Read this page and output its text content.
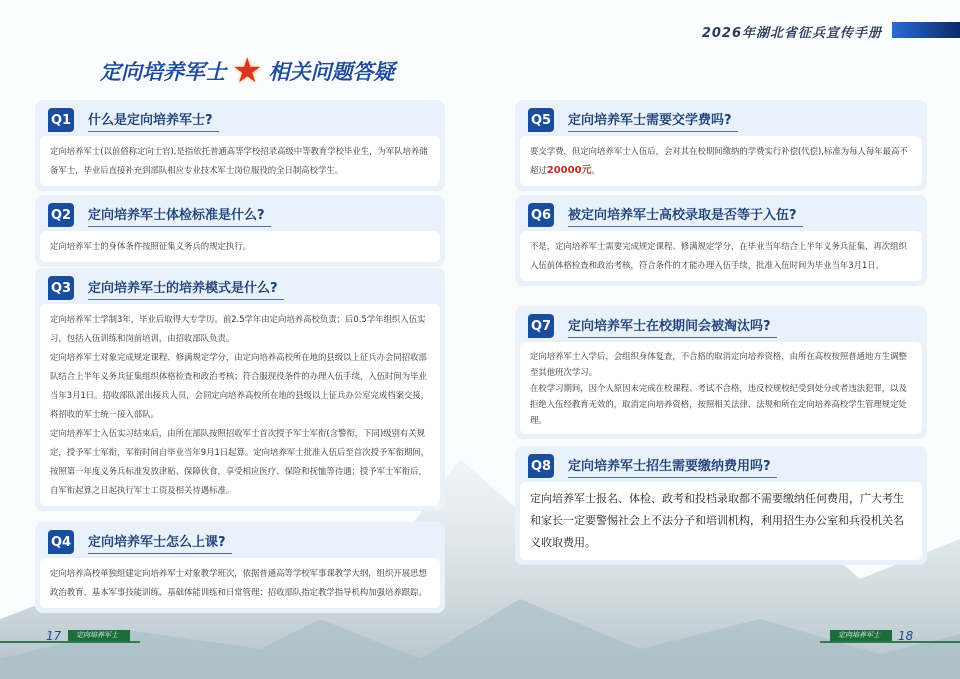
2026年湖北省征兵宣传手册
定向培养军士 ★ 相关问题答疑
Q1 什么是定向培养军士?

定向培养军士(以前俗称定向士官),是指依托普通高等学校招录高级中等教育学校毕业生，为军队培养储备军士，毕业后直接补充到部队相应专业技术军士岗位服役的全日制高校学生。

Q2 定向培养军士体检标准是什么?

定向培养军士的身体条件按照征集义务兵的规定执行。

Q3 定向培养军士的培养模式是什么?

定向培养军士学制3年，毕业后取得大专学历。前2.5学年由定向培养高校负责；后0.5学年组织入伍实习，包括入伍训练和岗前培训，由招收部队负责。

定向培养军士对象完成规定课程、修满规定学分，由定向培养高校所在地的县级以上征兵办会同招收部队结合上半年义务兵征集组织体格检查和政治考核；符合服现役条件的办理入伍手续，入伍时间为毕业当年3月1日。招收部队派出接兵人员，会同定向培养高校所在地的县级以上征兵办公室完成档案交接，将招收的军士统一接入部队。

定向培养军士入伍实习结束后，由所在部队按照招收军士首次授予军士军衔(含警衔，下同)级别有关规定，授予军士军衔，军衔时间自毕业当年9月1日起算。定向培养军士批准入伍后至首次授予军衔期间，按照第一年度义务兵标准发放津贴、保障伙食，享受相应医疗、保险和抚恤等待遇；授予军士军衔后，自军衔起算之日起执行军士工资及相关待遇标准。

Q4 定向培养军士怎么上课?

定向培养高校单独组建定向培养军士对象教学班次，依据普通高等学校军事课教学大纲，组织开展思想政治教育、基本军事技能训练、基础体能训练和日常管理；招收部队指定教学指导机构加强培养跟踪。

Q5 定向培养军士需要交学费吗?

要交学费，但定向培养军士入伍后，会对其在校期间缴纳的学费实行补偿(代偿),标准为每人每年最高不超过20000元。

Q6 被定向培养军士高校录取是否等于入伍?

不是，定向培养军士需要完成规定课程、修满规定学分，在毕业当年结合上半年义务兵征集，再次组织入伍前体格检查和政治考核，符合条件的才能办理入伍手续，批准入伍时间为毕业当年3月1日。

Q7 定向培养军士在校期间会被淘汰吗?

定向培养军士入学后，会组织身体复查，不合格的取消定向培养资格，由所在高校按照普通地方生调整至其他班次学习。

在校学习期间，因个人原因未完成在校课程、考试不合格，违反校规校纪受到处分或者违法犯罪，以及拒绝入伍经教育无效的，取消定向培养资格，按照相关法律、法规和所在定向培养高校学生管理规定处理。

Q8 定向培养军士招生需要缴纳费用吗?

定向培养军士报名、体检、政考和投档录取都不需要缴纳任何费用，广大考生和家长一定要警惕社会上不法分子和培训机构，利用招生办公室和兵役机关名义收取费用。

17	定向培养军士	定向培养军士	18
